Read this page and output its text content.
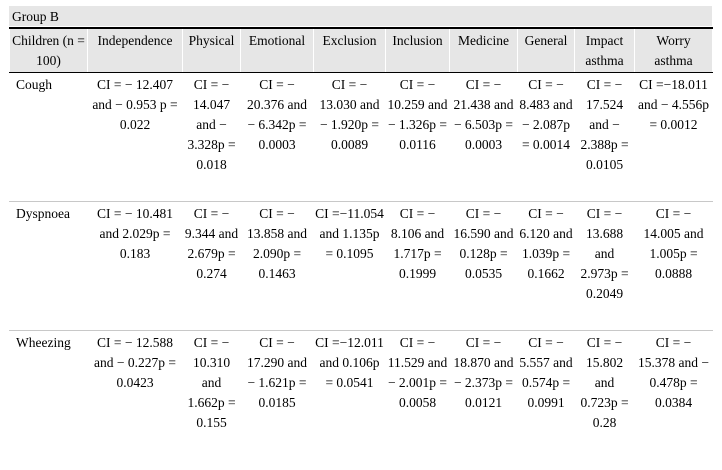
Group B
Children (n = 100)	Independence	Physical	Emotional	Exclusion	Inclusion	Medicine	General	Impact asthma	Worry asthma
Cough	CI = − 12.407 and − 0.953 p = 0.022	CI = − 14.047 and − 3.328p = 0.018	CI = − 20.376 and − 6.342p = 0.0003	CI = − 13.030 and − 1.920p = 0.0089	CI = − 10.259 and − 1.326p = 0.0116	CI = − 21.438 and − 6.503p = 0.0003	CI = − 8.483 and − 2.087p = 0.0014	CI = − 17.524 and − 2.388p = 0.0105	CI =−18.011 and − 4.556p = 0.0012
Dyspnoea	CI = − 10.481 and 2.029p = 0.183	CI = − 9.344 and 2.679p = 0.274	CI = − 13.858 and 2.090p = 0.1463	CI =−11.054 and 1.135p = 0.1095	CI = − 8.106 and 1.717p = 0.1999	CI = − 16.590 and 0.128p = 0.0535	CI = − 6.120 and 1.039p = 0.1662	CI = − 13.688 and 2.973p = 0.2049	CI = − 14.005 and 1.005p = 0.0888
Wheezing	CI = − 12.588 and − 0.227p = 0.0423	CI = − 10.310 and 1.662p = 0.155	CI = − 17.290 and − 1.621p = 0.0185	CI =−12.011 and 0.106p = 0.0541	CI = − 11.529 and − 2.001p = 0.0058	CI = − 18.870 and − 2.373p = 0.0121	CI = − 5.557 and 0.574p = 0.0991	CI = − 15.802 and 0.723p = 0.28	CI = − 15.378 and − 0.478p = 0.0384
